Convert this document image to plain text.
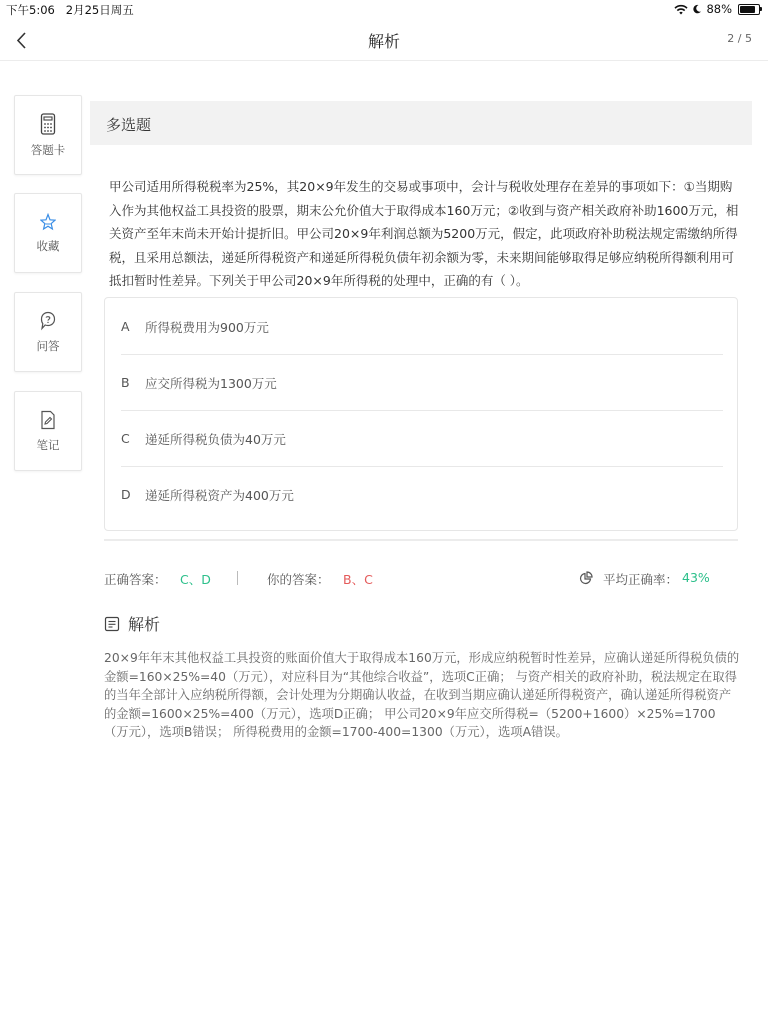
下午5:06 2月25日周五	88%
解析	2 / 5
答题卡
收藏
问答
笔记
多选题
甲公司适用所得税税率为25%，其20×9年发生的交易或事项中，会计与税收处理存在差异的事项如下：①当期购入作为其他权益工具投资的股票，期末公允价值大于取得成本160万元；②收到与资产相关政府补助1600万元，相关资产至年末尚未开始计提折旧。甲公司20×9年利润总额为5200万元，假定，此项政府补助税法规定需缴纳所得税，且采用总额法，递延所得税资产和递延所得税负债年初余额为零，未来期间能够取得足够应纳税所得额利用可抵扣暂时性差异。下列关于甲公司20×9年所得税的处理中，正确的有（ ）。
A	所得税费用为900万元
B	应交所得税为1300万元
C	递延所得税负债为40万元
D	递延所得税资产为400万元
正确答案： C、D	你的答案： B、C	平均正确率： 43%
解析
20×9年年末其他权益工具投资的账面价值大于取得成本160万元，形成应纳税暂时性差异，应确认递延所得税负债的金额=160×25%=40（万元），对应科目为“其他综合收益”，选项C正确； 与资产相关的政府补助，税法规定在取得的当年全部计入应纳税所得额，会计处理为分期确认收益，在收到当期应确认递延所得税资产，确认递延所得税资产的金额=1600×25%=400（万元），选项D正确； 甲公司20×9年应交所得税=（5200+1600）×25%=1700（万元），选项B错误； 所得税费用的金额=1700-400=1300（万元），选项A错误。
